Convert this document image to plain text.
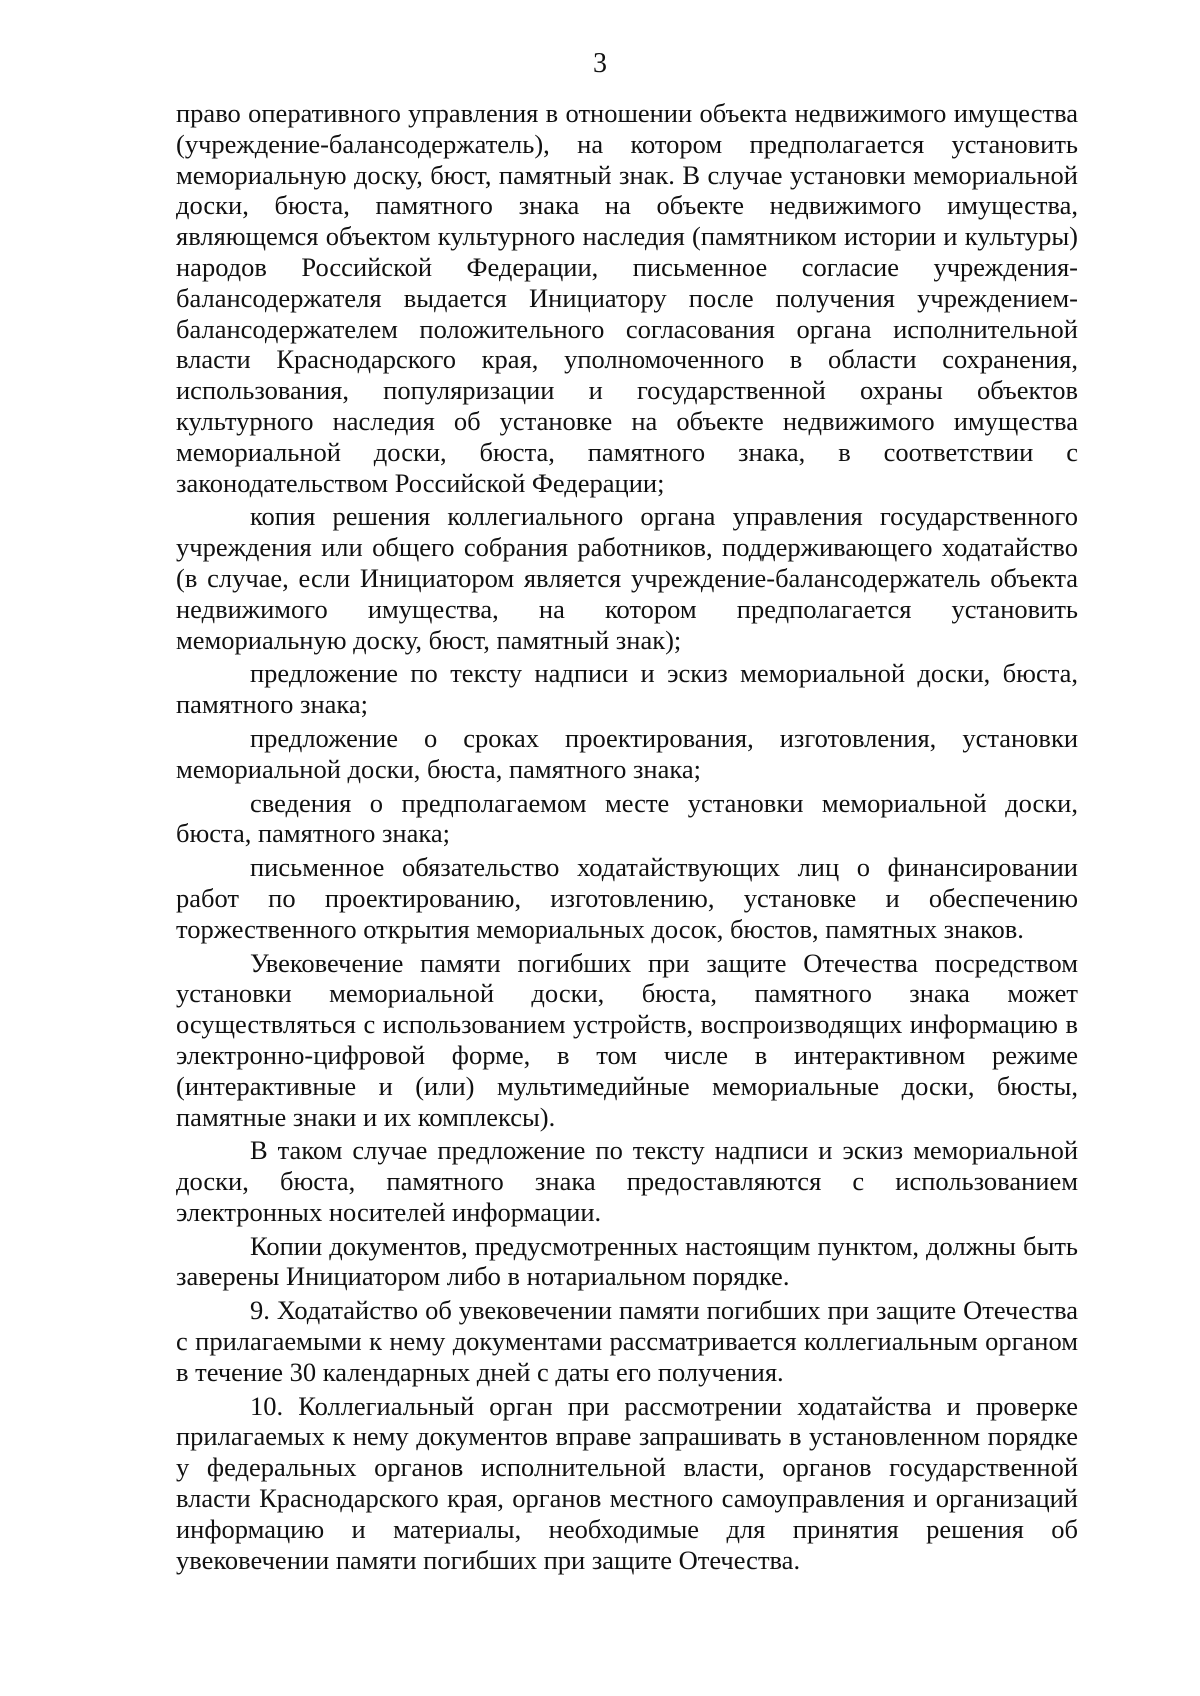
3

право оперативного управления в отношении объекта недвижимого имущества (учреждение-балансодержатель), на котором предполагается установить мемориальную доску, бюст, памятный знак. В случае установки мемориальной доски, бюста, памятного знака на объекте недвижимого имущества, являющемся объектом культурного наследия (памятником истории и культуры) народов Российской Федерации, письменное согласие учреждения-балансодержателя выдается Инициатору после получения учреждением-балансодержателем положительного согласования органа исполнительной власти Краснодарского края, уполномоченного в области сохранения, использования, популяризации и государственной охраны объектов культурного наследия об установке на объекте недвижимого имущества мемориальной доски, бюста, памятного знака, в соответствии с законодательством Российской Федерации;

копия решения коллегиального органа управления государственного учреждения или общего собрания работников, поддерживающего ходатайство (в случае, если Инициатором является учреждение-балансодержатель объекта недвижимого имущества, на котором предполагается установить мемориальную доску, бюст, памятный знак);

предложение по тексту надписи и эскиз мемориальной доски, бюста, памятного знака;

предложение о сроках проектирования, изготовления, установки мемориальной доски, бюста, памятного знака;

сведения о предполагаемом месте установки мемориальной доски, бюста, памятного знака;

письменное обязательство ходатайствующих лиц о финансировании работ по проектированию, изготовлению, установке и обеспечению торжественного открытия мемориальных досок, бюстов, памятных знаков.

Увековечение памяти погибших при защите Отечества посредством установки мемориальной доски, бюста, памятного знака может осуществляться с использованием устройств, воспроизводящих информацию в электронно-цифровой форме, в том числе в интерактивном режиме (интерактивные и (или) мультимедийные мемориальные доски, бюсты, памятные знаки и их комплексы).

В таком случае предложение по тексту надписи и эскиз мемориальной доски, бюста, памятного знака предоставляются с использованием электронных носителей информации.

Копии документов, предусмотренных настоящим пунктом, должны быть заверены Инициатором либо в нотариальном порядке.

9. Ходатайство об увековечении памяти погибших при защите Отечества с прилагаемыми к нему документами рассматривается коллегиальным органом в течение 30 календарных дней с даты его получения.

10. Коллегиальный орган при рассмотрении ходатайства и проверке прилагаемых к нему документов вправе запрашивать в установленном порядке у федеральных органов исполнительной власти, органов государственной власти Краснодарского края, органов местного самоуправления и организаций информацию и материалы, необходимые для принятия решения об увековечении памяти погибших при защите Отечества.
